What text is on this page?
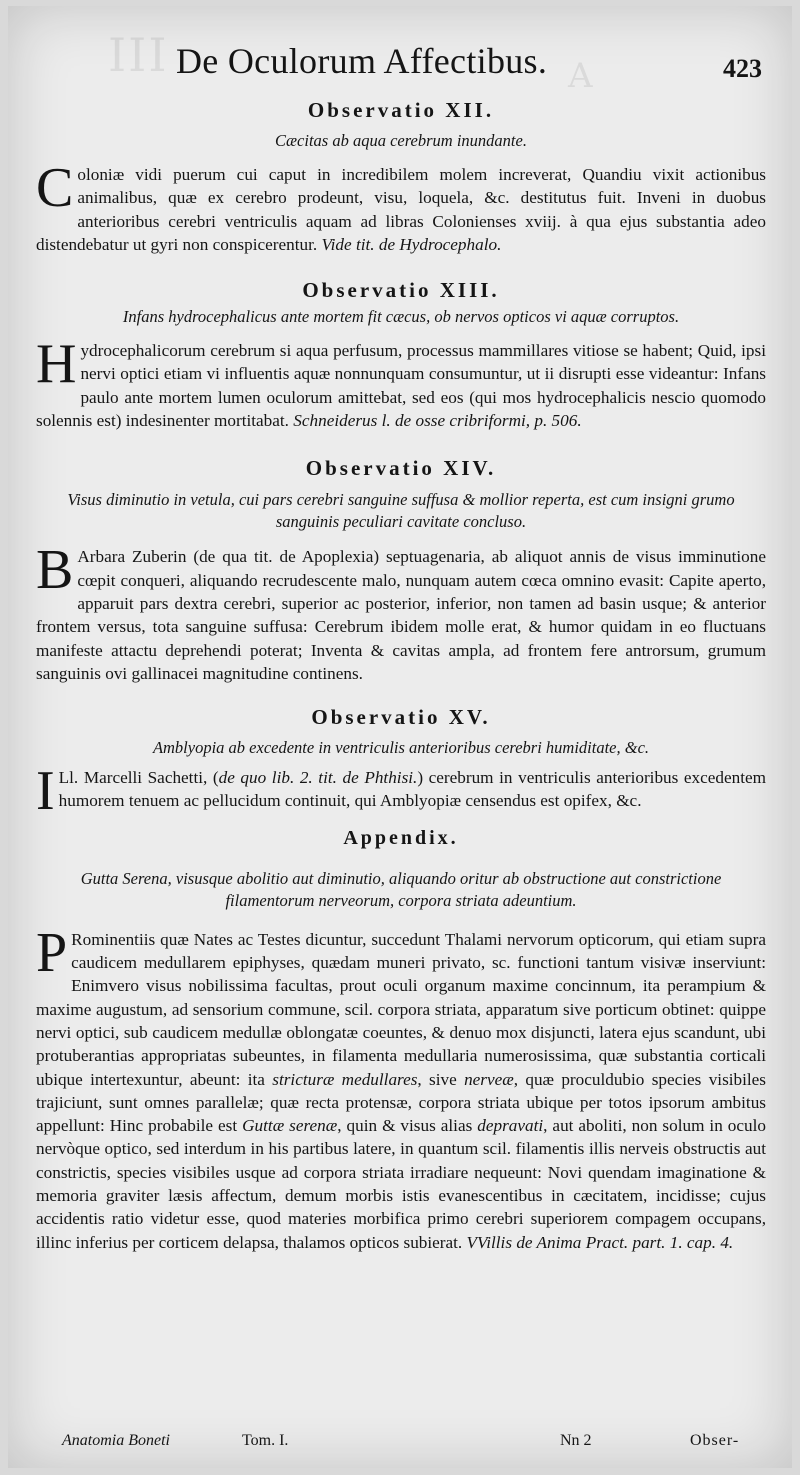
III	A
De Oculorum Affectibus.	423
Observatio XII.

Cæcitas ab aqua cerebrum inundante.

Coloniæ vidi puerum cui caput in incredibilem molem increverat, Quandiu vixit actionibus animalibus, quæ ex cerebro prodeunt, visu, loquela, &c. destitutus fuit. Inveni in duobus anterioribus cerebri ventriculis aquam ad libras Colonienses xviij. à qua ejus substantia adeo distendebatur ut gyri non conspicerentur. Vide tit. de Hydrocephalo.

Observatio XIII.

Infans hydrocephalicus ante mortem fit cæcus, ob nervos opticos vi aquæ corruptos.

Hydrocephalicorum cerebrum si aqua perfusum, processus mammillares vitiose se habent; Quid, ipsi nervi optici etiam vi influentis aquæ nonnunquam consumuntur, ut ii disrupti esse videantur: Infans paulo ante mortem lumen oculorum amittebat, sed eos (qui mos hydrocephalicis nescio quomodo solennis est) indesinenter mortitabat. Schneiderus l. de osse cribriformi, p. 506.

Observatio XIV.

Visus diminutio in vetula, cui pars cerebri sanguine suffusa & mollior reperta, est cum insigni grumo sanguinis peculiari cavitate concluso.

B Arbara Zuberin (de qua tit. de Apoplexia) septuagenaria, ab aliquot annis de visus imminutione cœpit conqueri, aliquando recrudescente malo, nunquam autem cœca omnino evasit: Capite aperto, apparuit pars dextra cerebri, superior ac posterior, inferior, non tamen ad basin usque; & anterior frontem versus, tota sanguine suffusa: Cerebrum ibidem molle erat, & humor quidam in eo fluctuans manifeste attactu deprehendi poterat; Inventa & cavitas ampla, ad frontem fere antrorsum, grumum sanguinis ovi gallinacei magnitudine continens.

Observatio XV.

Amblyopia ab excedente in ventriculis anterioribus cerebri humiditate, &c.

I Ll. Marcelli Sachetti, (de quo lib. 2. tit. de Phthisi.) cerebrum in ventriculis anterioribus excedentem humorem tenuem ac pellucidum continuit, qui Amblyopiæ censendus est opifex, &c.

Appendix.

Gutta Serena, visusque abolitio aut diminutio, aliquando oritur ab obstructione aut constrictione filamentorum nerveorum, corpora striata adeuntium.

P Rominentiis quæ Nates ac Testes dicuntur, succedunt Thalami nervorum opticorum, qui etiam supra caudicem medullarem epiphyses, quædam muneri privato, sc. functioni tantum visivæ inserviunt: Enimvero visus nobilissima facultas, prout oculi organum maxime concinnum, ita perampium & maxime augustum, ad sensorium commune, scil. corpora striata, apparatum sive porticum obtinet: quippe nervi optici, sub caudicem medullæ oblongatæ coeuntes, & denuo mox disjuncti, latera ejus scandunt, ubi protuberantias appropriatas subeuntes, in filamenta medullaria numerosissima, quæ substantia corticali ubique intertexuntur, abeunt: ita stricturæ medullares, sive nerveæ, quæ proculdubio species visibiles trajiciunt, sunt omnes parallelæ; quæ recta protensæ, corpora striata ubique per totos ipsorum ambitus appellunt: Hinc probabile est Guttæ serenæ, quin & visus alias depravati, aut aboliti, non solum in oculo nervòque optico, sed interdum in his partibus latere, in quantum scil. filamentis illis nerveis obstructis aut constrictis, species visibiles usque ad corpora striata irradiare nequeunt: Novi quendam imaginatione & memoria graviter læsis affectum, demum morbis istis evanescentibus in cæcitatem, incidisse; cujus accidentis ratio videtur esse, quod materies morbifica primo cerebri superiorem compagem occupans, illinc inferius per corticem delapsa, thalamos opticos subierat. VVillis de Anima Pract. part. 1. cap. 4.

Anatomia Boneti	Tom. I.	Nn 2	Obser-
